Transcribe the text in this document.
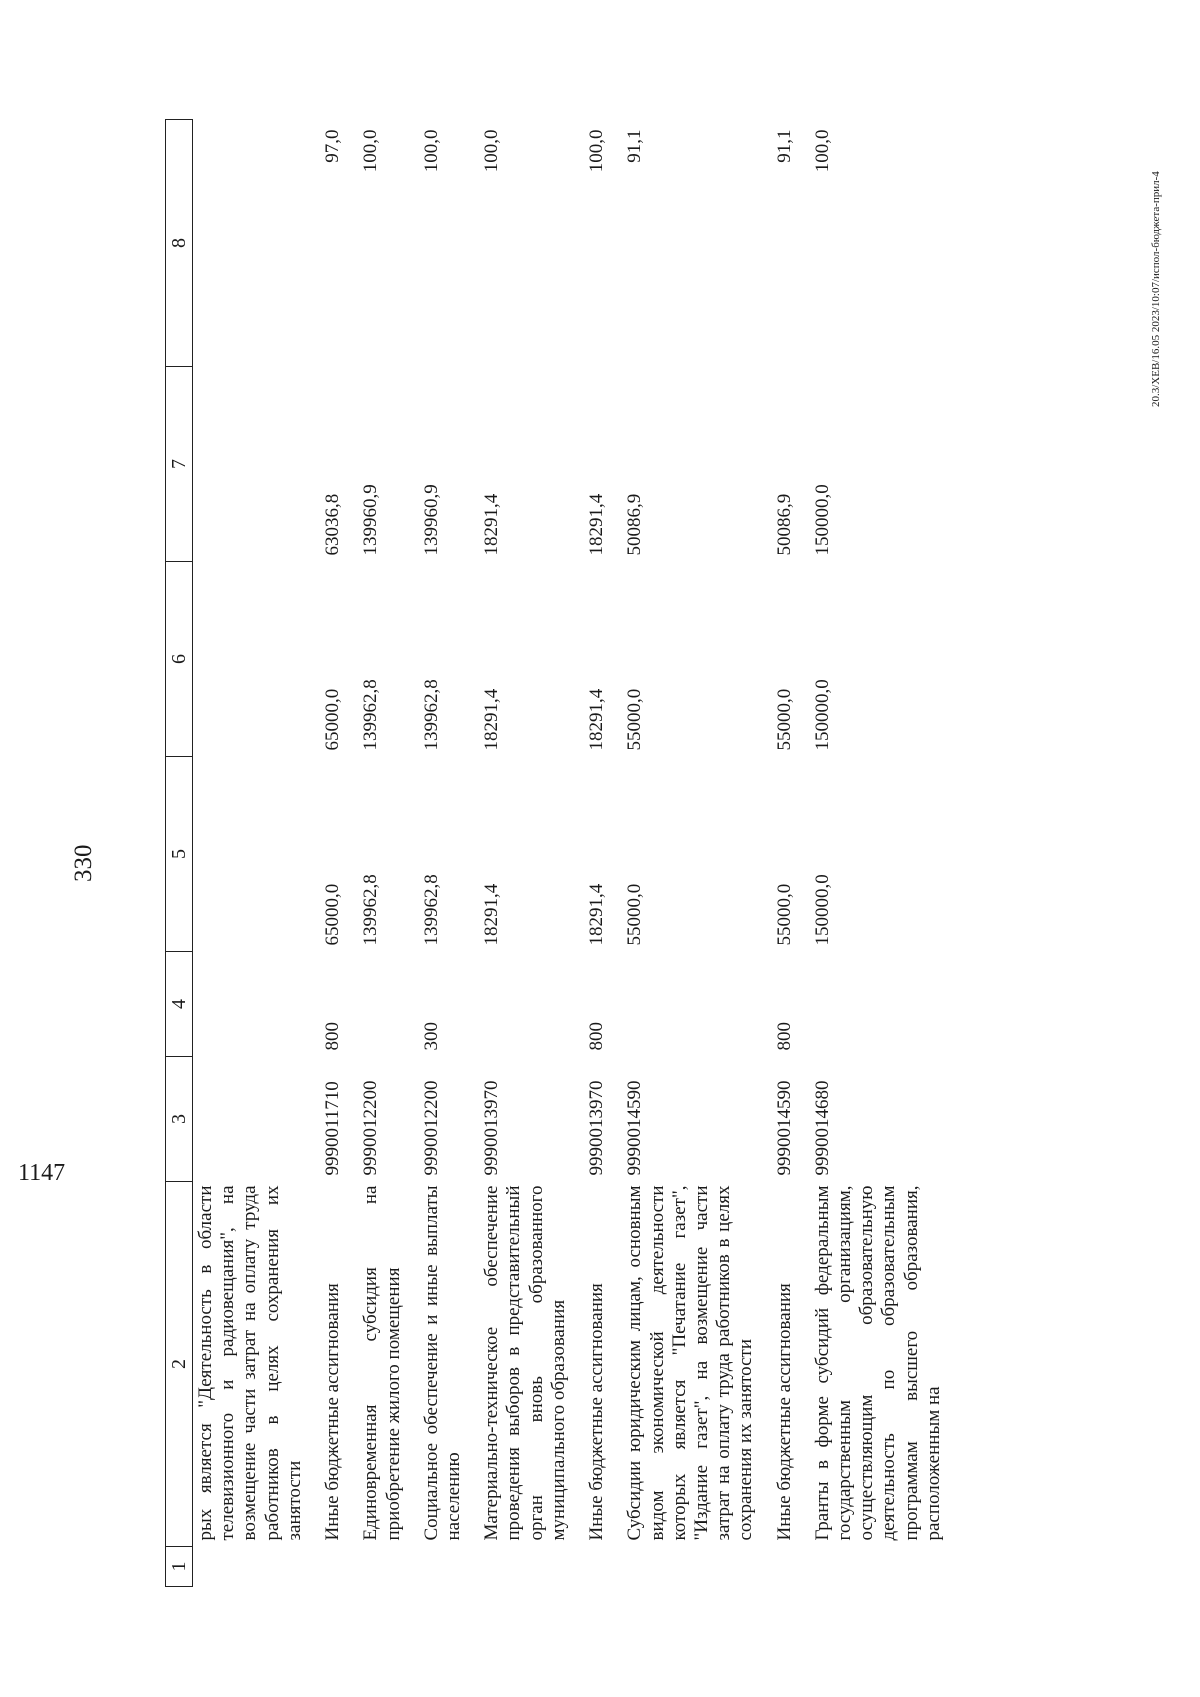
330
1	2	3	4	5	6	7	8
	рых является "Деятельность в области телевизионного и радиовещания", на возмещение части затрат на оплату труда работников в целях сохранения их занятости						
	Иные бюджетные ассигнования	9990011710	800	65000,0	65000,0	63036,8	97,0
	Единовременная субсидия на приобретение жилого помещения	9990012200		139962,8	139962,8	139960,9	100,0
	Социальное обеспечение и иные выплаты населению	9990012200	300	139962,8	139962,8	139960,9	100,0
	Материально-техническое обеспечение проведения выборов в представительный орган вновь образованного муниципального образования	9990013970		18291,4	18291,4	18291,4	100,0
	Иные бюджетные ассигнования	9990013970	800	18291,4	18291,4	18291,4	100,0
	Субсидии юридическим лицам, основным видом экономической деятельности которых является "Печатание газет", "Издание газет", на возмещение части затрат на оплату труда работников в целях сохранения их занятости	9990014590		55000,0	55000,0	50086,9	91,1
	Иные бюджетные ассигнования	9990014590	800	55000,0	55000,0	50086,9	91,1
	Гранты в форме субсидий федеральным государственным организациям, осуществляющим образовательную деятельность по образовательным программам высшего образования, расположенным на	9990014680		150000,0	150000,0	150000,0	100,0
20.3/XEB/16.05 2023/10:07/испол-бюджета-прил-4
1147
